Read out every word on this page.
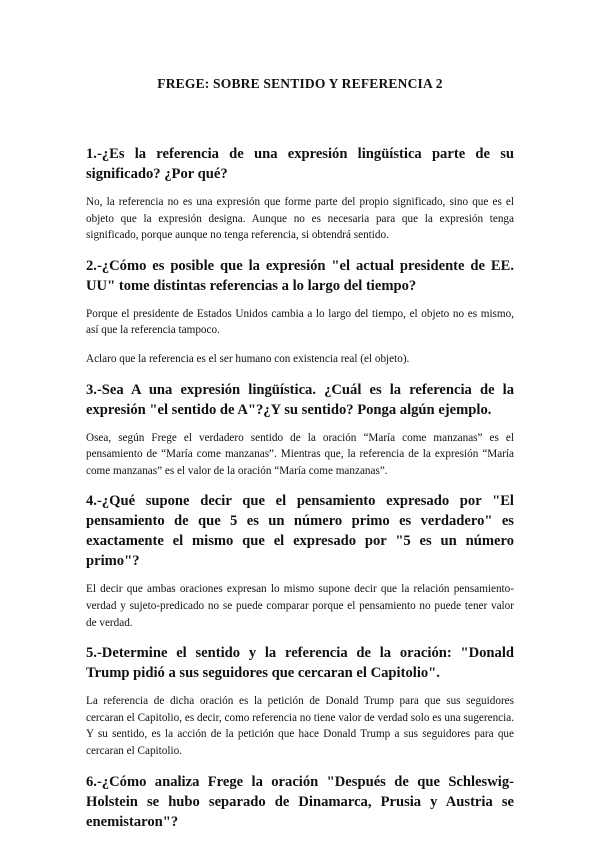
FREGE: SOBRE SENTIDO Y REFERENCIA 2

1.-¿Es la referencia de una expresión lingüística parte de su significado? ¿Por qué?

No, la referencia no es una expresión que forme parte del propio significado, sino que es el objeto que la expresión designa. Aunque no es necesaria para que la expresión tenga significado, porque aunque no tenga referencia, si obtendrá sentido.

2.-¿Cómo es posible que la expresión "el actual presidente de EE. UU" tome distintas referencias a lo largo del tiempo?

Porque el presidente de Estados Unidos cambia a lo largo del tiempo, el objeto no es mismo, así que la referencia tampoco.

Aclaro que la referencia es el ser humano con existencia real (el objeto).

3.-Sea A una expresión lingüística. ¿Cuál es la referencia de la expresión "el sentido de A"?¿Y su sentido? Ponga algún ejemplo.

Osea, según Frege el verdadero sentido de la oración “María come manzanas” es el pensamiento de “María come manzanas”. Mientras que, la referencia de la expresión “María come manzanas” es el valor de la oración “María come manzanas”.

4.-¿Qué supone decir que el pensamiento expresado por "El pensamiento de que 5 es un número primo es verdadero" es exactamente el mismo que el expresado por "5 es un número primo"?

El decir que ambas oraciones expresan lo mismo supone decir que la relación pensamiento-verdad y sujeto-predicado no se puede comparar porque el pensamiento no puede tener valor de verdad.

5.-Determine el sentido y la referencia de la oración: "Donald Trump pidió a sus seguidores que cercaran el Capitolio".

La referencia de dicha oración es la petición de Donald Trump para que sus seguidores cercaran el Capitolio, es decir, como referencia no tiene valor de verdad solo es una sugerencia. Y su sentido, es la acción de la petición que hace Donald Trump a sus seguidores para que cercaran el Capitolio.

6.-¿Cómo analiza Frege la oración "Después de que Schleswig-Holstein se hubo separado de Dinamarca, Prusia y Austria se enemistaron"?
